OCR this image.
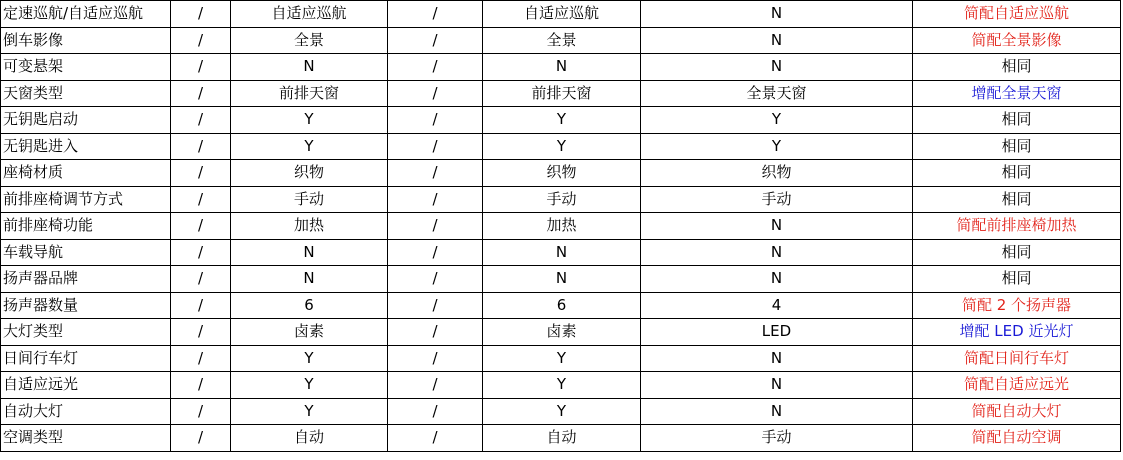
定速巡航/自适应巡航	/	自适应巡航	/	自适应巡航	N	简配自适应巡航
倒车影像	/	全景	/	全景	N	简配全景影像
可变悬架	/	N	/	N	N	相同
天窗类型	/	前排天窗	/	前排天窗	全景天窗	增配全景天窗
无钥匙启动	/	Y	/	Y	Y	相同
无钥匙进入	/	Y	/	Y	Y	相同
座椅材质	/	织物	/	织物	织物	相同
前排座椅调节方式	/	手动	/	手动	手动	相同
前排座椅功能	/	加热	/	加热	N	简配前排座椅加热
车载导航	/	N	/	N	N	相同
扬声器品牌	/	N	/	N	N	相同
扬声器数量	/	6	/	6	4	简配 2 个扬声器
大灯类型	/	卤素	/	卤素	LED	增配 LED 近光灯
日间行车灯	/	Y	/	Y	N	简配日间行车灯
自适应远光	/	Y	/	Y	N	简配自适应远光
自动大灯	/	Y	/	Y	N	简配自动大灯
空调类型	/	自动	/	自动	手动	简配自动空调
